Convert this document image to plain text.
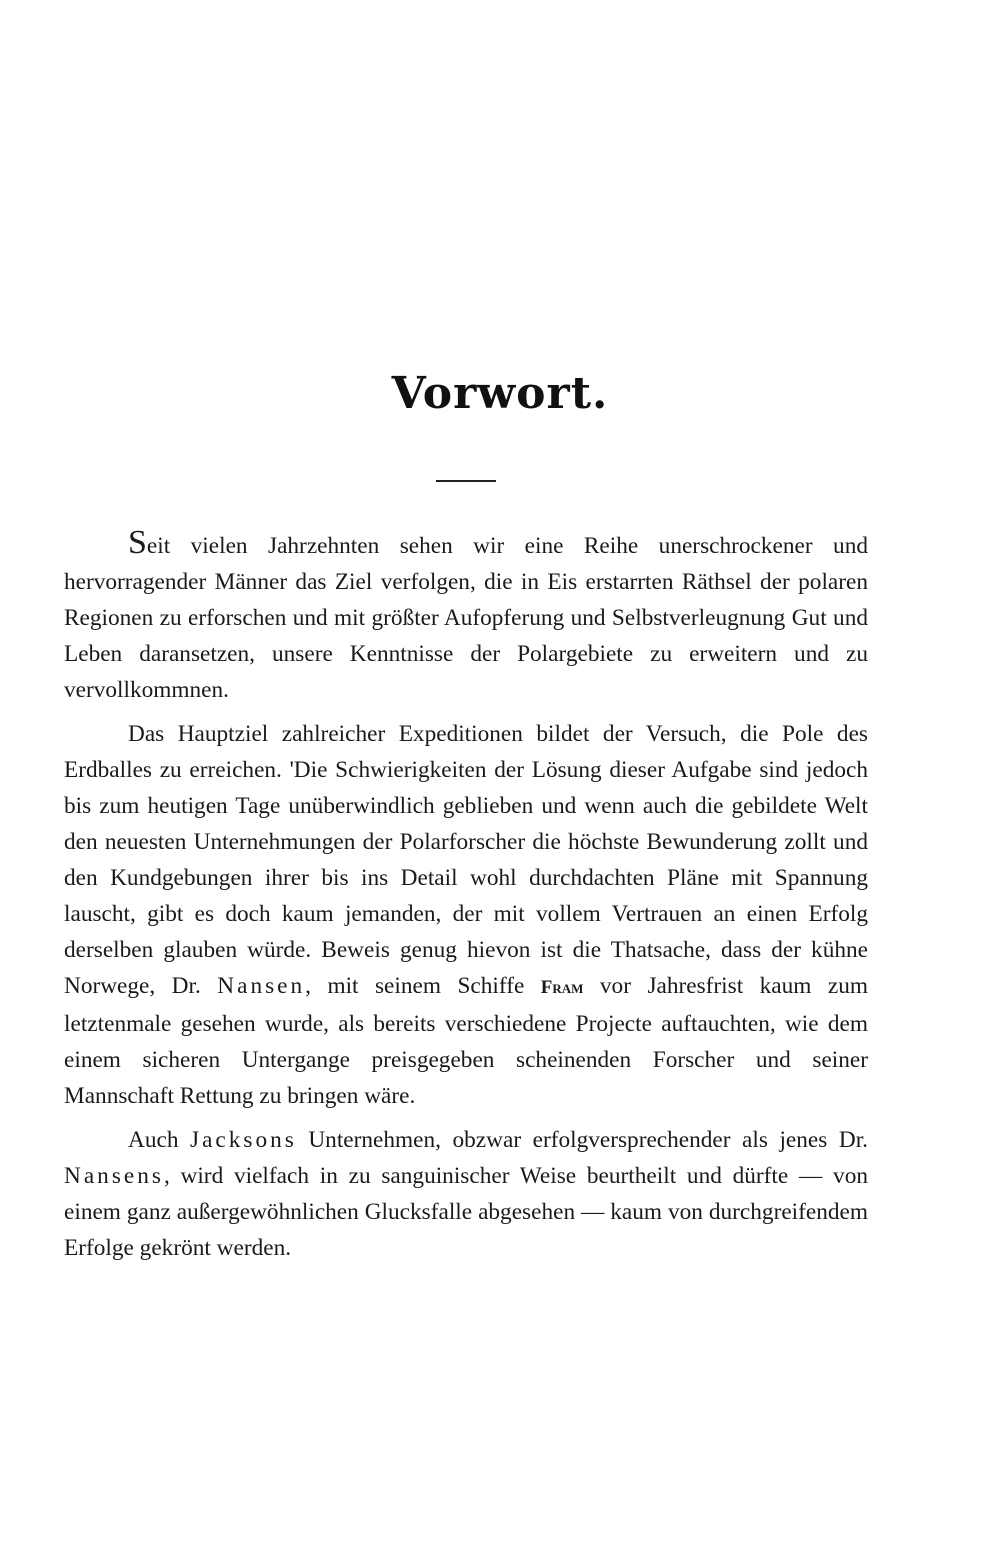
Vorwort.

Seit vielen Jahrzehnten sehen wir eine Reihe unerschrockener und hervorragender Männer das Ziel verfolgen, die in Eis erstarrten Räthsel der polaren Regionen zu erforschen und mit größter Aufopferung und Selbstverleugnung Gut und Leben daransetzen, unsere Kenntnisse der Polargebiete zu erweitern und zu vervollkommnen.

Das Hauptziel zahlreicher Expeditionen bildet der Versuch, die Pole des Erdballes zu erreichen. 'Die Schwierigkeiten der Lösung dieser Aufgabe sind jedoch bis zum heutigen Tage unüberwindlich geblieben und wenn auch die gebildete Welt den neuesten Unternehmungen der Polarforscher die höchste Bewunderung zollt und den Kundgebungen ihrer bis ins Detail wohl durchdachten Pläne mit Spannung lauscht, gibt es doch kaum jemanden, der mit vollem Vertrauen an einen Erfolg derselben glauben würde. Beweis genug hievon ist die Thatsache, dass der kühne Norwege, Dr. Nansen, mit seinem Schiffe Fram vor Jahresfrist kaum zum letztenmale gesehen wurde, als bereits verschiedene Projecte auftauchten, wie dem einem sicheren Untergange preisgegeben scheinenden Forscher und seiner Mannschaft Rettung zu bringen wäre.

Auch Jacksons Unternehmen, obzwar erfolgversprechender als jenes Dr. Nansens, wird vielfach in zu sanguinischer Weise beurtheilt und dürfte — von einem ganz außergewöhnlichen Glucksfalle abgesehen — kaum von durchgreifendem Erfolge gekrönt werden.
